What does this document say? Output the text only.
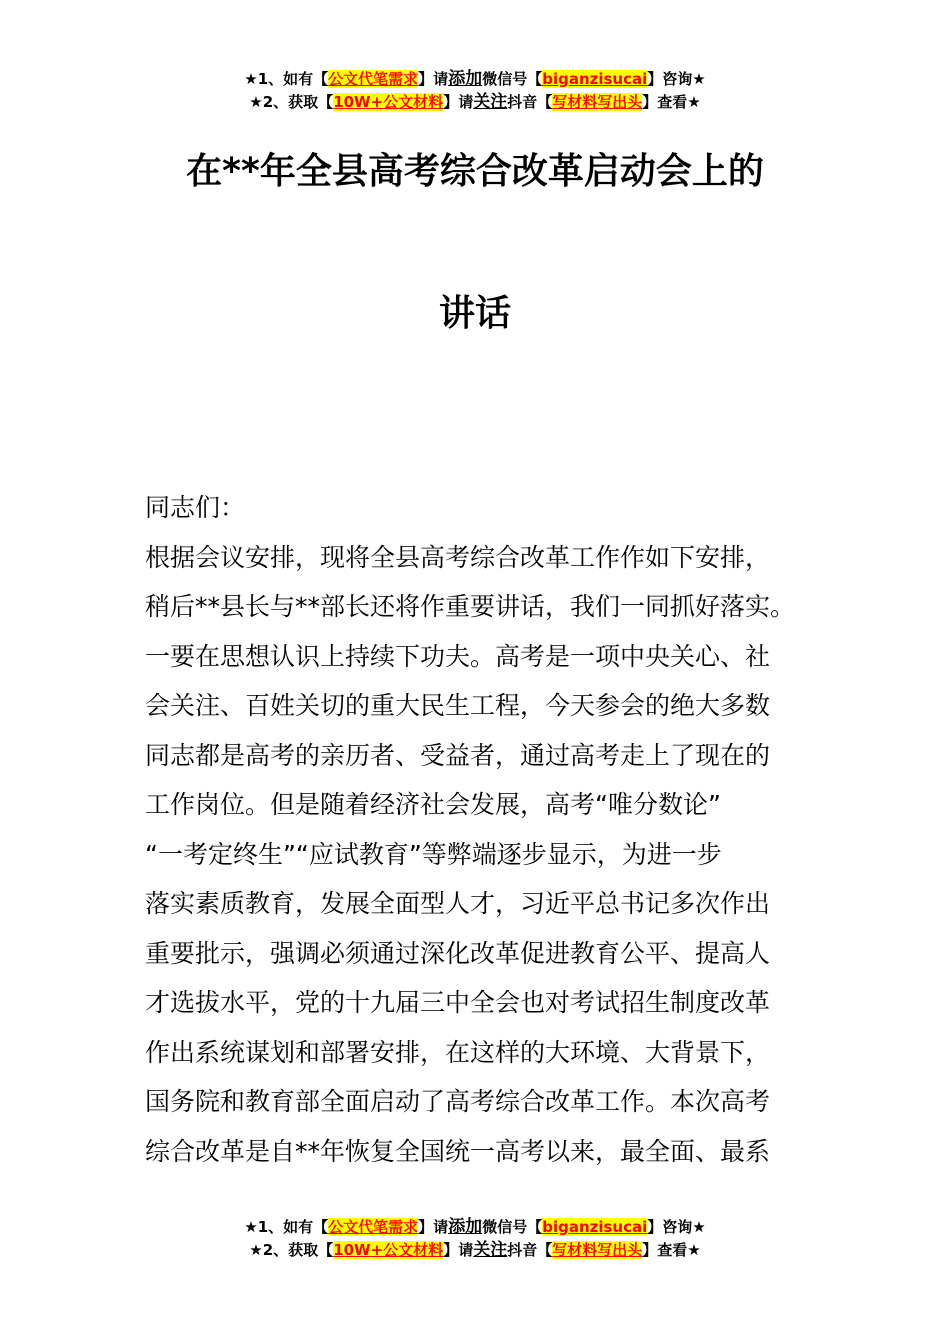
★1、如有【公文代笔需求】请添加微信号【biganzisucai】咨询★
★2、获取【10W+公文材料】请关注抖音【写材料写出头】查看★
在**年全县高考综合改革启动会上的
讲话

同志们：

根据会议安排，现将全县高考综合改革工作作如下安排，

稍后**县长与**部长还将作重要讲话，我们一同抓好落实。

一要在思想认识上持续下功夫。高考是一项中央关心、社

会关注、百姓关切的重大民生工程，今天参会的绝大多数

同志都是高考的亲历者、受益者，通过高考走上了现在的

工作岗位。但是随着经济社会发展，高考“唯分数论”

“一考定终生”“应试教育”等弊端逐步显示，为进一步

落实素质教育，发展全面型人才，习近平总书记多次作出

重要批示，强调必须通过深化改革促进教育公平、提高人

才选拔水平，党的十九届三中全会也对考试招生制度改革

作出系统谋划和部署安排，在这样的大环境、大背景下，

国务院和教育部全面启动了高考综合改革工作。本次高考

综合改革是自**年恢复全国统一高考以来，最全面、最系

★1、如有【公文代笔需求】请添加微信号【biganzisucai】咨询★
★2、获取【10W+公文材料】请关注抖音【写材料写出头】查看★
